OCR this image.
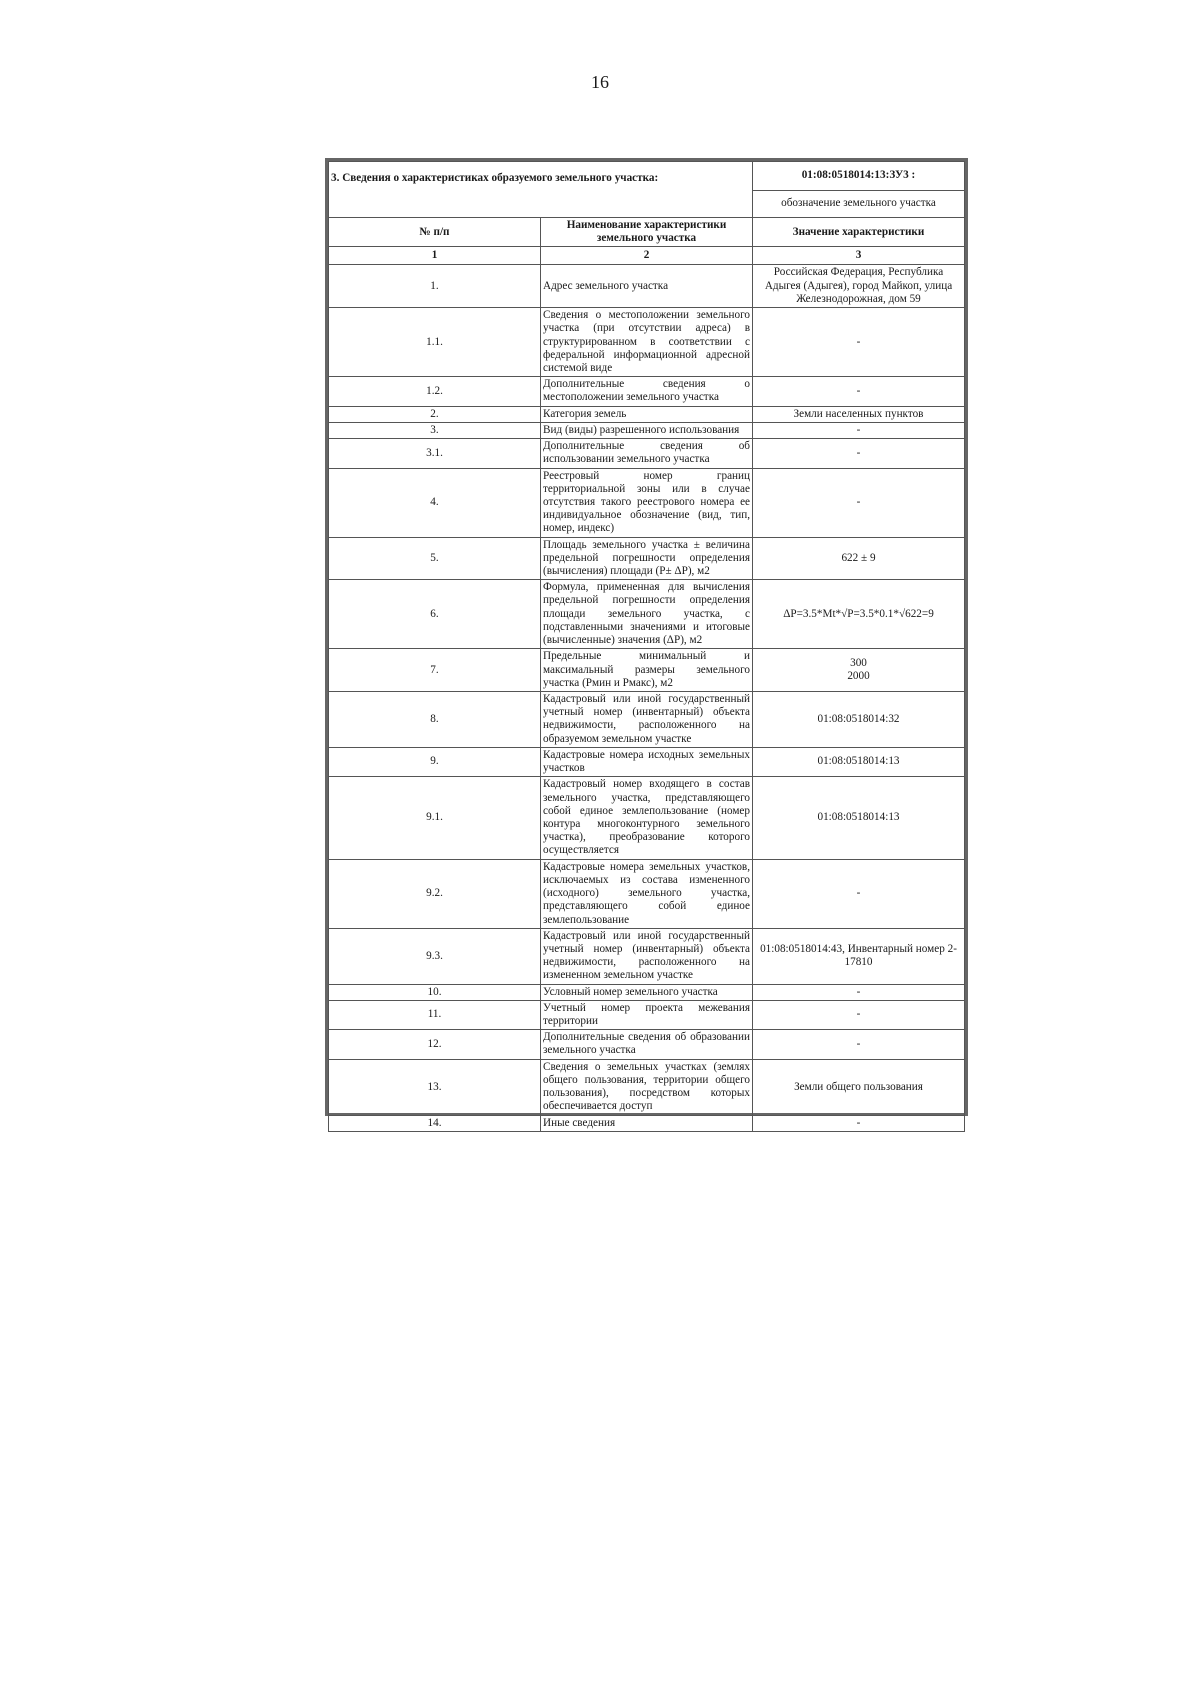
16
3. Сведения о характеристиках образуемого земельного участка:		01:08:0518014:13:ЗУ3 :
		обозначение земельного участка
№ п/п	Наименование характеристики земельного участка	Значение характеристики
1	2	3
1.	Адрес земельного участка	Российская Федерация, Республика Адыгея (Адыгея), город Майкоп, улица Железнодорожная, дом 59

1.1.	Сведения о местоположении земельного участка (при отсутствии адреса) в структурированном в соответствии с федеральной информационной адресной системой виде	-

1.2.	Дополнительные сведения о местоположении земельного участка	-

2.	Категория земель	Земли населенных пунктов

3.	Вид (виды) разрешенного использования	-

3.1.	Дополнительные сведения об использовании земельного участка	-

4.	Реестровый номер границ территориальной зоны или в случае отсутствия такого реестрового номера ее индивидуальное обозначение (вид, тип, номер, индекс)	-

5.	Площадь земельного участка ± величина предельной погрешности определения (вычисления) площади (P± ΔP), м2	622 ± 9

6.	Формула, примененная для вычисления предельной погрешности определения площади земельного участка, с подставленными значениями и итоговые (вычисленные) значения (ΔP), м2	ΔP=3.5*Mt*√P=3.5*0.1*√622=9

7.	Предельные минимальный и максимальный размеры земельного участка (Pмин и Pмакс), м2	300
2000

8.	Кадастровый или иной государственный учетный номер (инвентарный) объекта недвижимости, расположенного на образуемом земельном участке	01:08:0518014:32

9.	Кадастровые номера исходных земельных участков	01:08:0518014:13

9.1.	Кадастровый номер входящего в состав земельного участка, представляющего собой единое землепользование (номер контура многоконтурного земельного участка), преобразование которого осуществляется	01:08:0518014:13

9.2.	Кадастровые номера земельных участков, исключаемых из состава измененного (исходного) земельного участка, представляющего собой единое землепользование	-

9.3.	Кадастровый или иной государственный учетный номер (инвентарный) объекта недвижимости, расположенного на измененном земельном участке	01:08:0518014:43, Инвентарный номер 2-17810

10.	Условный номер земельного участка	-

11.	Учетный номер проекта межевания территории	-

12.	Дополнительные сведения об образовании земельного участка	-

13.	Сведения о земельных участках (землях общего пользования, территории общего пользования), посредством которых обеспечивается доступ	Земли общего пользования

14.	Иные сведения	-
